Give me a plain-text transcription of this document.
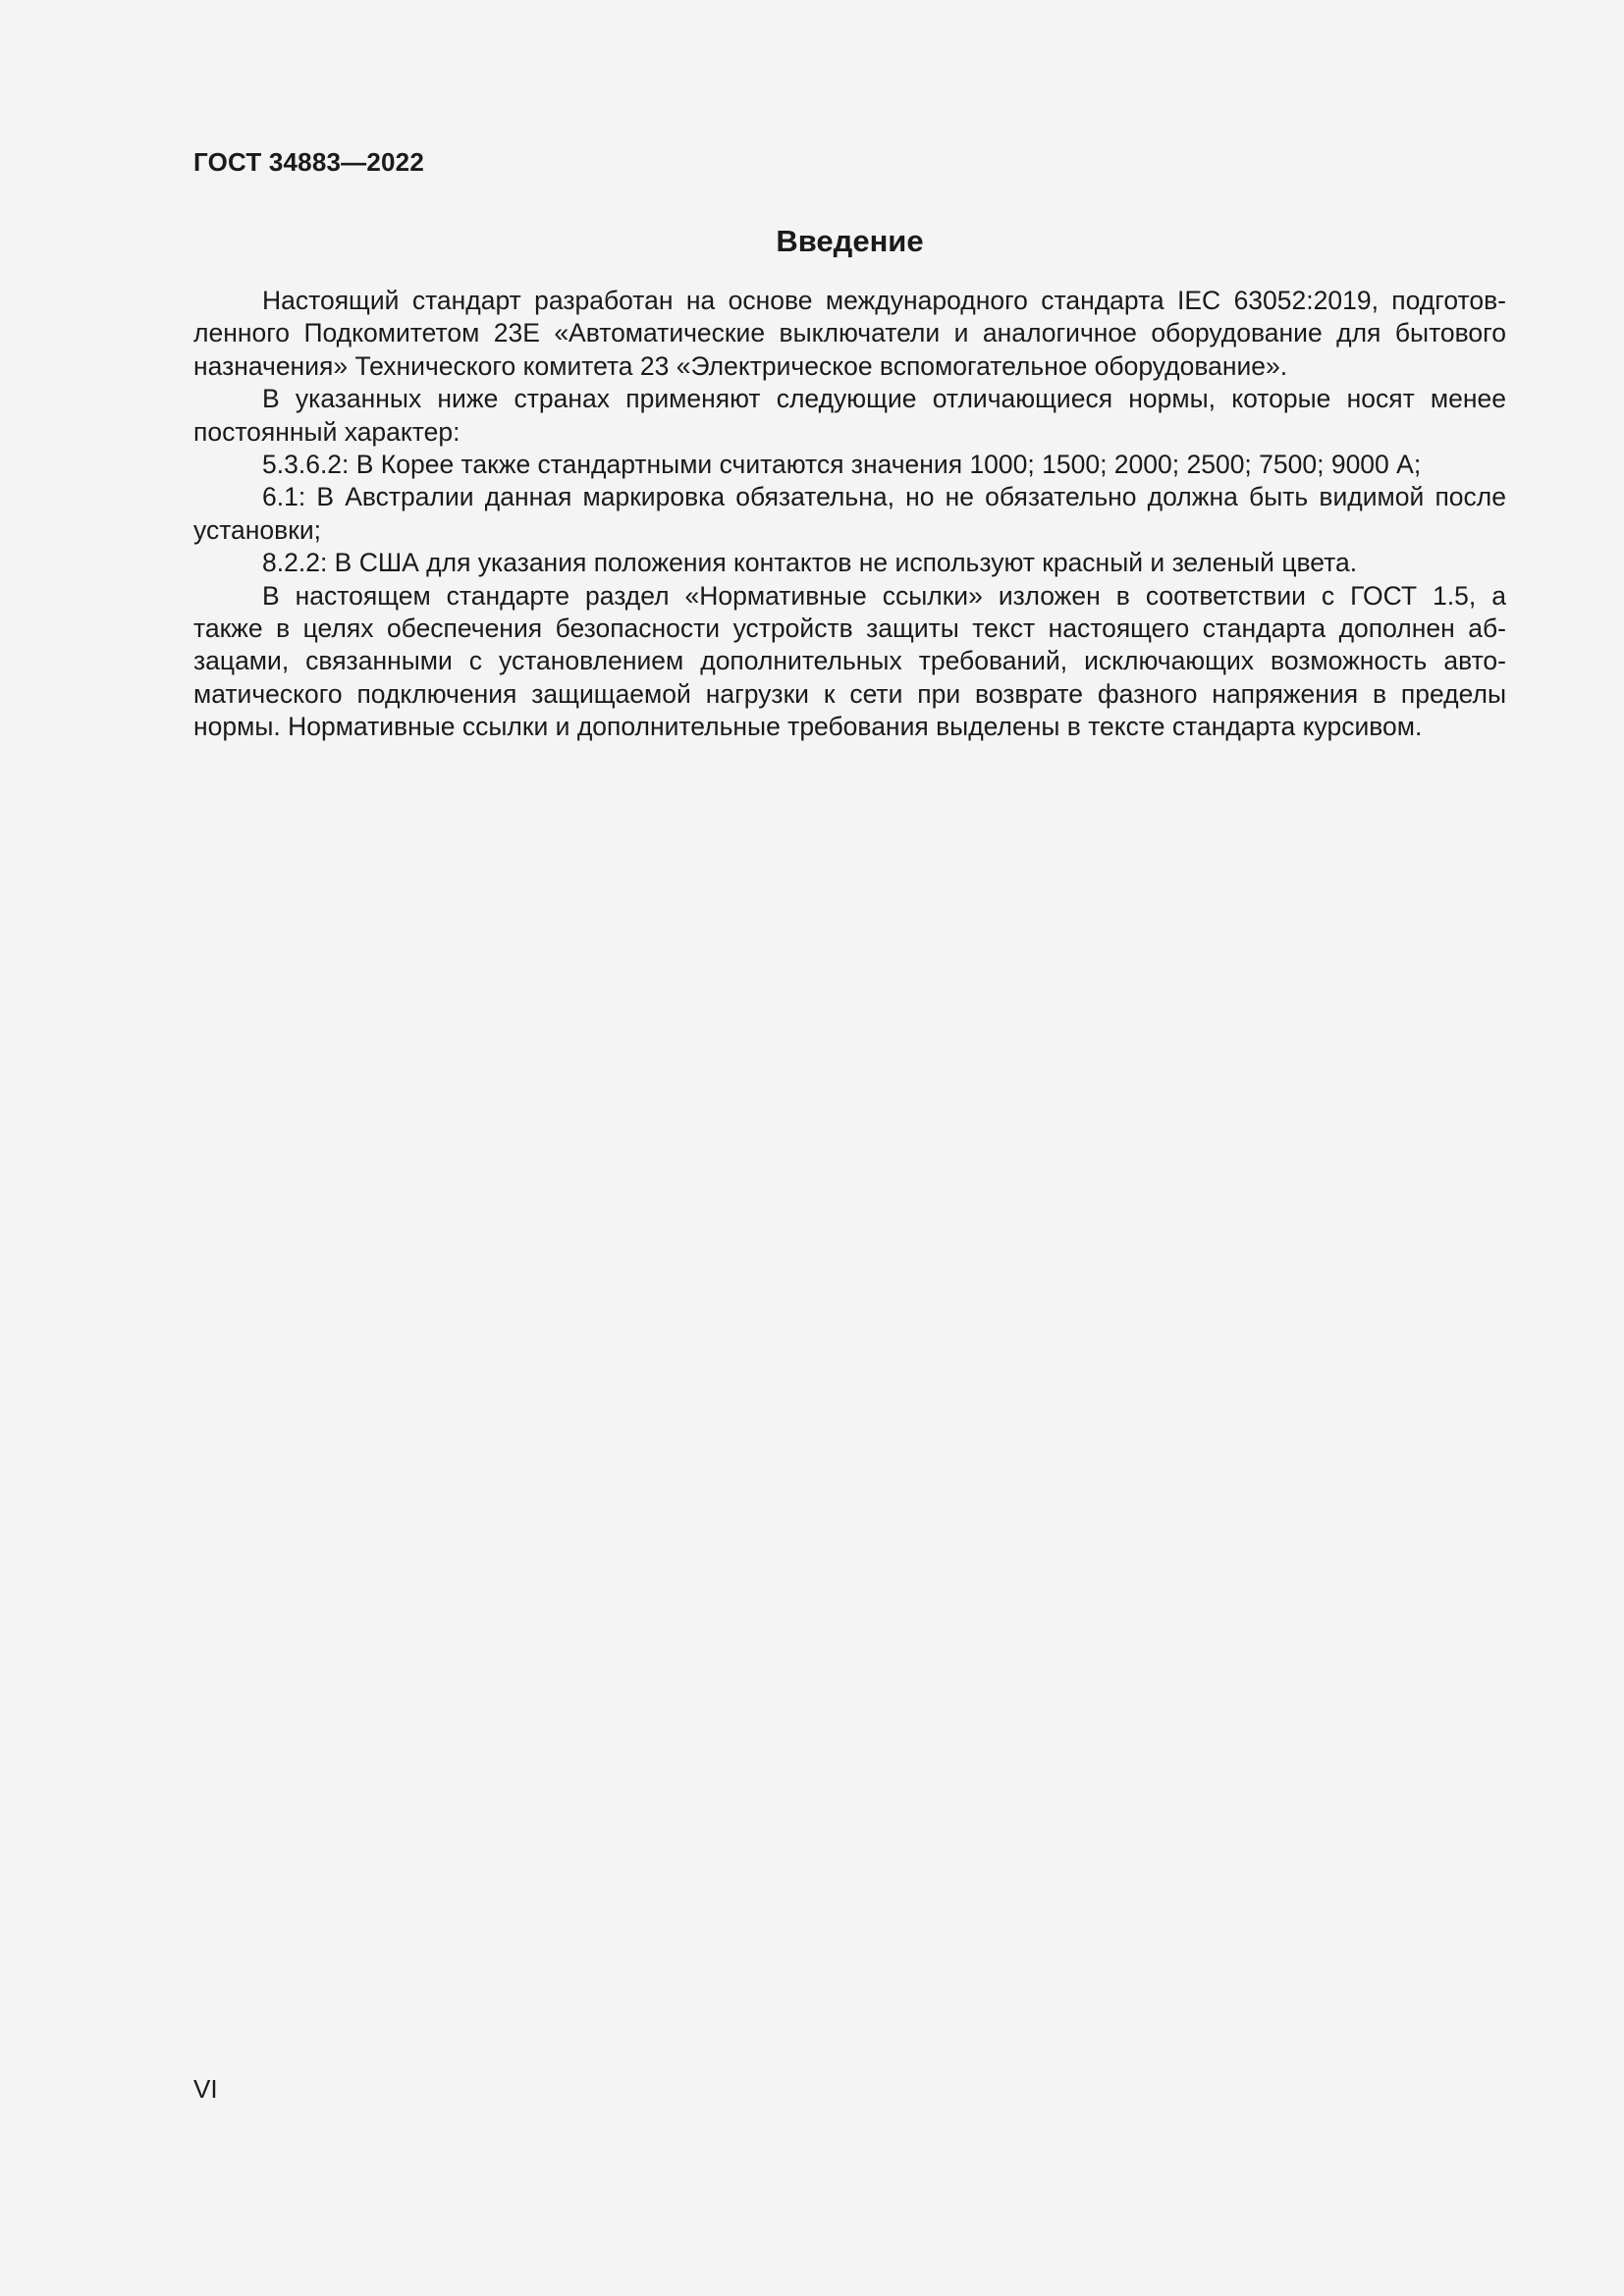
ГОСТ 34883—2022
Введение
Настоящий стандарт разработан на основе международного стандарта IEC 63052:2019, подготов-
ленного Подкомитетом 23E «Автоматические выключатели и аналогичное оборудование для бытового
назначения» Технического комитета 23 «Электрическое вспомогательное оборудование».
В указанных ниже странах применяют следующие отличающиеся нормы, которые носят менее
постоянный характер:
5.3.6.2: В Корее также стандартными считаются значения 1000; 1500; 2000; 2500; 7500; 9000 А;
6.1: В Австралии данная маркировка обязательна, но не обязательно должна быть видимой после
установки;
8.2.2: В США для указания положения контактов не используют красный и зеленый цвета.
В настоящем стандарте раздел «Нормативные ссылки» изложен в соответствии с ГОСТ 1.5, а
также в целях обеспечения безопасности устройств защиты текст настоящего стандарта дополнен аб-
зацами, связанными с установлением дополнительных требований, исключающих возможность авто-
матического подключения защищаемой нагрузки к сети при возврате фазного напряжения в пределы
нормы. Нормативные ссылки и дополнительные требования выделены в тексте стандарта курсивом.
VI
